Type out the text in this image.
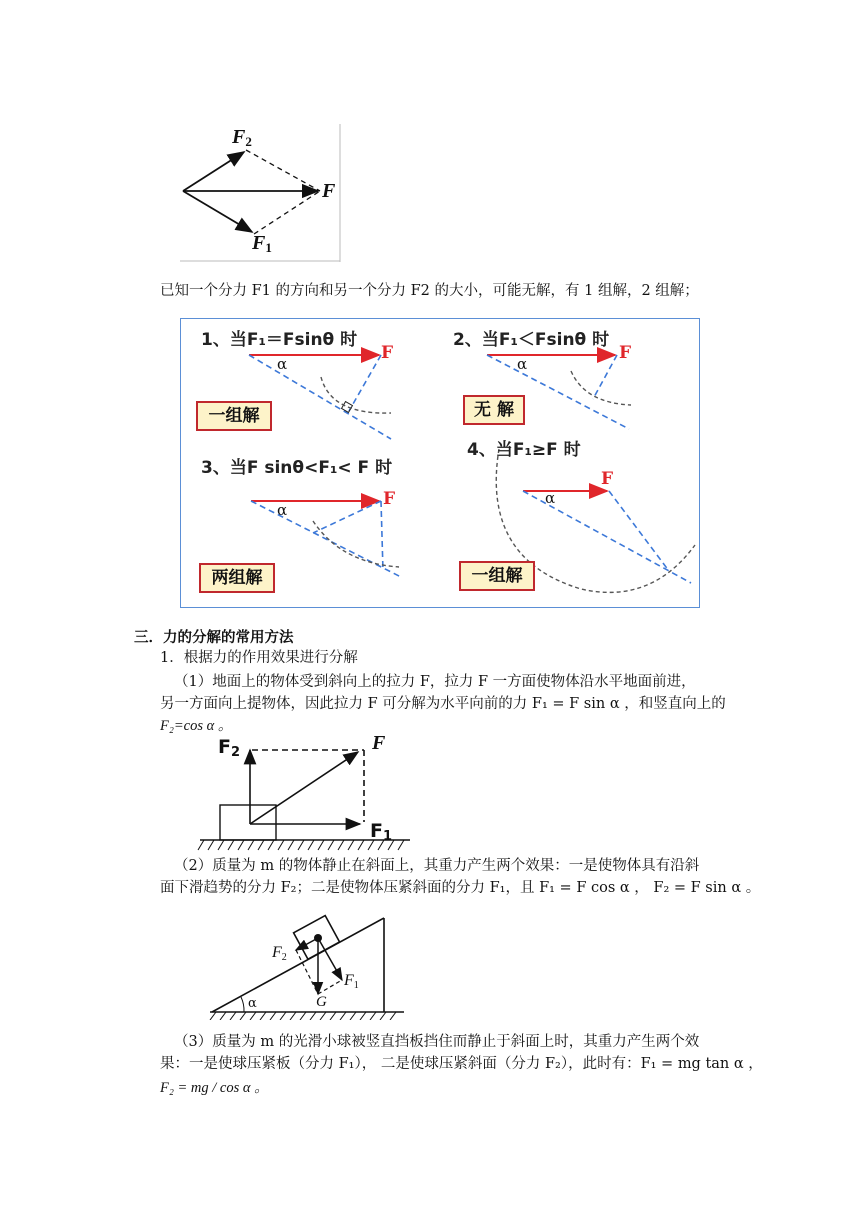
$F_2$
F
$F_1$
已知一个分力 F1 的方向和另一个分力 F2 的大小，可能无解，有 1 组解，2 组解；
1、当F₁＝Fsinθ 时
α
F
一组解
2、当F₁＜Fsinθ 时
α
F
无 解
3、当F sinθ<F₁< F 时
α
F
两组解
4、当F₁≥F 时
α
F
一组解
三．力的分解的常用方法
1．根据力的作用效果进行分解
（1）地面上的物体受到斜向上的拉力 F，拉力 F 一方面使物体沿水平地面前进，
另一方面向上提物体，因此拉力 F 可分解为水平向前的力 F₁ = F sin α ，和竖直向上的
F₂=cos α 。
$F_2$	F
$F_1$
（2）质量为 m 的物体静止在斜面上，其重力产生两个效果：一是使物体具有沿斜
面下滑趋势的分力 F₂；二是使物体压紧斜面的分力 F₁，且 F₁ = F cos α ， F₂ = F sin α 。
$F_2$
$F_1$
G
α
（3）质量为 m 的光滑小球被竖直挡板挡住而静止于斜面上时，其重力产生两个效
果：一是使球压紧板（分力 F₁）， 二是使球压紧斜面（分力 F₂），此时有：F₁ = mg tan α ，
F₂ = mg / cos α 。
